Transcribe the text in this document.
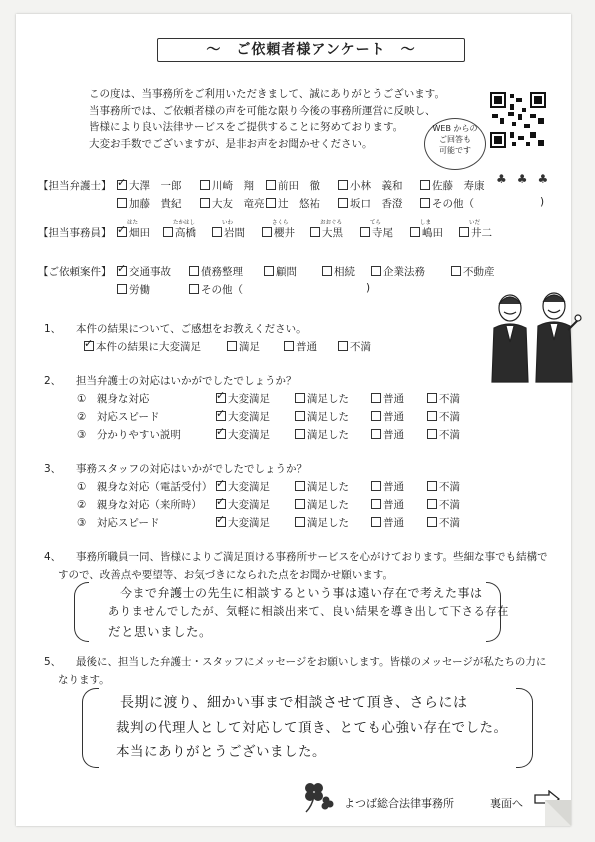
～　ご依頼者様アンケート　～
この度は、当事務所をご利用いただきまして、誠にありがとうございます。
当事務所では、ご依頼者様の声を可能な限り今後の事務所運営に反映し、
皆様により良い法律サービスをご提供することに努めております。
大変お手数でございますが、是非お声をお聞かせください。
WEB からの
ご回答も
可能です
♣♣♣
【担当弁護士】 ✓	大澤　一郎	川崎　翔	前田　徹	小林　義和	佐藤　寿康
加藤　貴紀	大友　竜亮	辻　悠祐	坂口　香澄	その他（	)
【担当事務員】
はた
✓畑田
たかはし
高橋
いわ
岩間
さくら
櫻井
おおぐろ
大黒
てら
寺尾
しま
嶋田
いだ
井二
【ご依頼案件】 ✓	交通事故	債務整理	顧問	相続	企業法務	不動産
労働	その他（	)
1、 本件の結果について、ご感想をお教えください。
✓本件の結果に大変満足	満足	普通	不満
2、 担当弁護士の対応はいかがでしたでしょうか？
①　親身な対応 ✓	大変満足	満足した	普通	不満
②　対応スピード ✓	大変満足	満足した	普通	不満
③　分かりやすい説明 ✓	大変満足	満足した	普通	不満
3、 事務スタッフの対応はいかがでしたでしょうか？
①　親身な対応（電話受付） ✓	大変満足	満足した	普通	不満
②　親身な対応（来所時） ✓	大変満足	満足した	普通	不満
③　対応スピード ✓	大変満足	満足した	普通	不満
4、 事務所職員一同、皆様によりご満足頂ける事務所サービスを心がけております。些細な事でも結構で
すので、改善点や要望等、お気づきになられた点をお聞かせ願います。
今まで弁護士の先生に相談するという事は遠い存在で考えた事は
ありませんでしたが、気軽に相談出来て、良い結果を導き出して下さる存在
だと思いました。
5、 最後に、担当した弁護士・スタッフにメッセージをお願いします。皆様のメッセージが私たちの力に
なります。
長期に渡り、細かい事まで相談させて頂き、さらには
裁判の代理人として対応して頂き、とても心強い存在でした。
本当にありがとうございました。
よつば総合法律事務所	裏面へ
